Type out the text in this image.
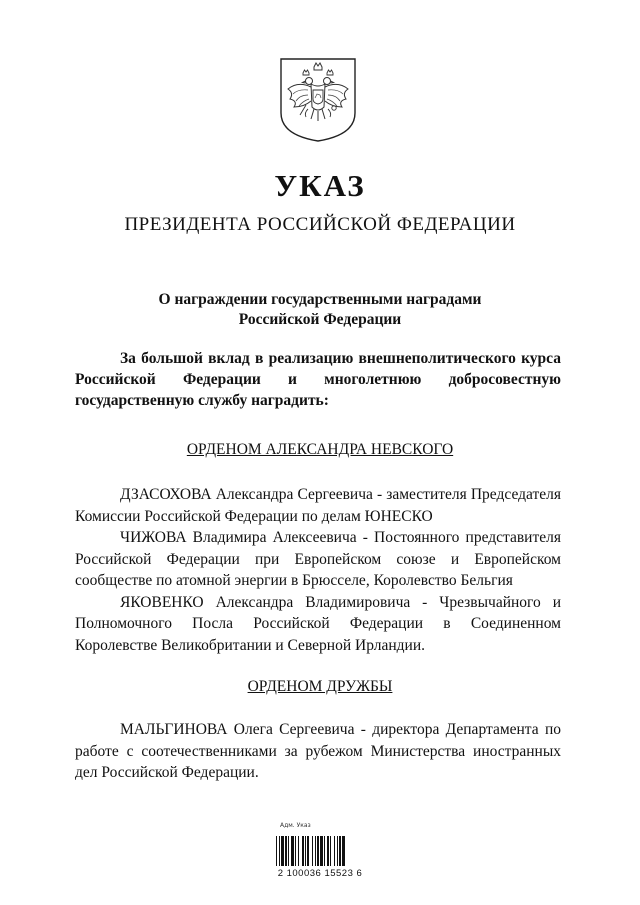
УКАЗ
ПРЕЗИДЕНТА РОССИЙСКОЙ ФЕДЕРАЦИИ
О награждении государственными наградами
Российской Федерации
За большой вклад в реализацию внешнеполитического курса Российской Федерации и многолетнюю добросовестную государственную службу наградить:
ОРДЕНОМ АЛЕКСАНДРА НЕВСКОГО

ДЗАСОХОВА Александра Сергеевича - заместителя Председателя Комиссии Российской Федерации по делам ЮНЕСКО

ЧИЖОВА Владимира Алексеевича - Постоянного представителя Российской Федерации при Европейском союзе и Европейском сообществе по атомной энергии в Брюсселе, Королевство Бельгия

ЯКОВЕНКО Александра Владимировича - Чрезвычайного и Полномочного Посла Российской Федерации в Соединенном Королевстве Великобритании и Северной Ирландии.

ОРДЕНОМ ДРУЖБЫ

МАЛЬГИНОВА Олега Сергеевича - директора Департамента по работе с соотечественниками за рубежом Министерства иностранных дел Российской Федерации.

Адм. Указ
2 100036 15523 6
